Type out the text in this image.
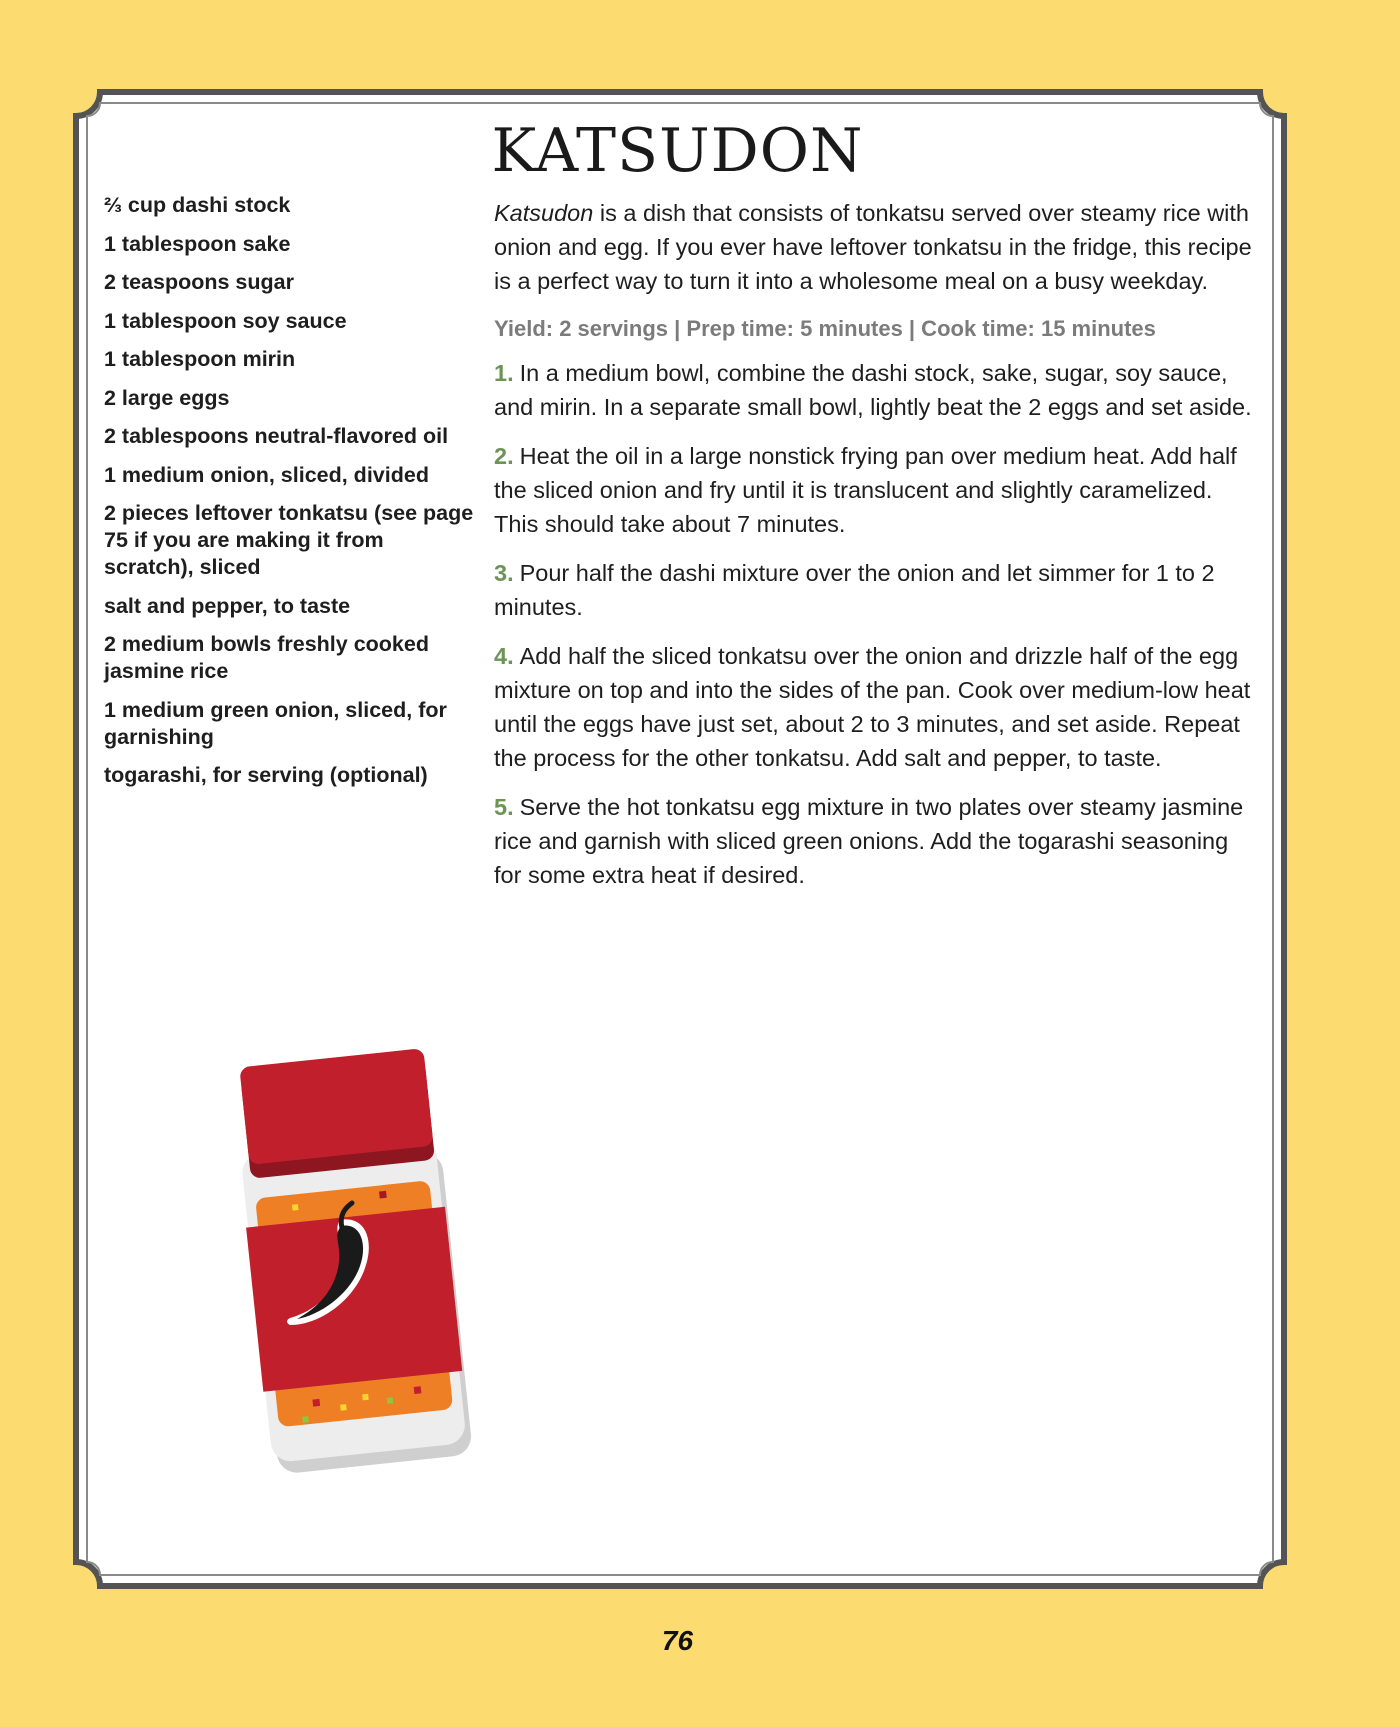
KATSUDON
⅔ cup dashi stock
1 tablespoon sake
2 teaspoons sugar
1 tablespoon soy sauce
1 tablespoon mirin
2 large eggs
2 tablespoons neutral-flavored oil
1 medium onion, sliced, divided
2 pieces leftover tonkatsu (see page 75 if you are making it from scratch), sliced
salt and pepper, to taste
2 medium bowls freshly cooked jasmine rice
1 medium green onion, sliced, for garnishing
togarashi, for serving (optional)

Katsudon is a dish that consists of tonkatsu served over steamy rice with onion and egg. If you ever have leftover tonkatsu in the fridge, this recipe is a perfect way to turn it into a wholesome meal on a busy weekday.

Yield: 2 servings | Prep time: 5 minutes | Cook time: 15 minutes

1. In a medium bowl, combine the dashi stock, sake, sugar, soy sauce, and mirin. In a separate small bowl, lightly beat the 2 eggs and set aside.

2. Heat the oil in a large nonstick frying pan over medium heat. Add half the sliced onion and fry until it is translucent and slightly caramelized. This should take about 7 minutes.

3. Pour half the dashi mixture over the onion and let simmer for 1 to 2 minutes.

4. Add half the sliced tonkatsu over the onion and drizzle half of the egg mixture on top and into the sides of the pan. Cook over medium-low heat until the eggs have just set, about 2 to 3 minutes, and set aside. Repeat the process for the other tonkatsu. Add salt and pepper, to taste.

5. Serve the hot tonkatsu egg mixture in two plates over steamy jasmine rice and garnish with sliced green onions. Add the togarashi seasoning for some extra heat if desired.

76
